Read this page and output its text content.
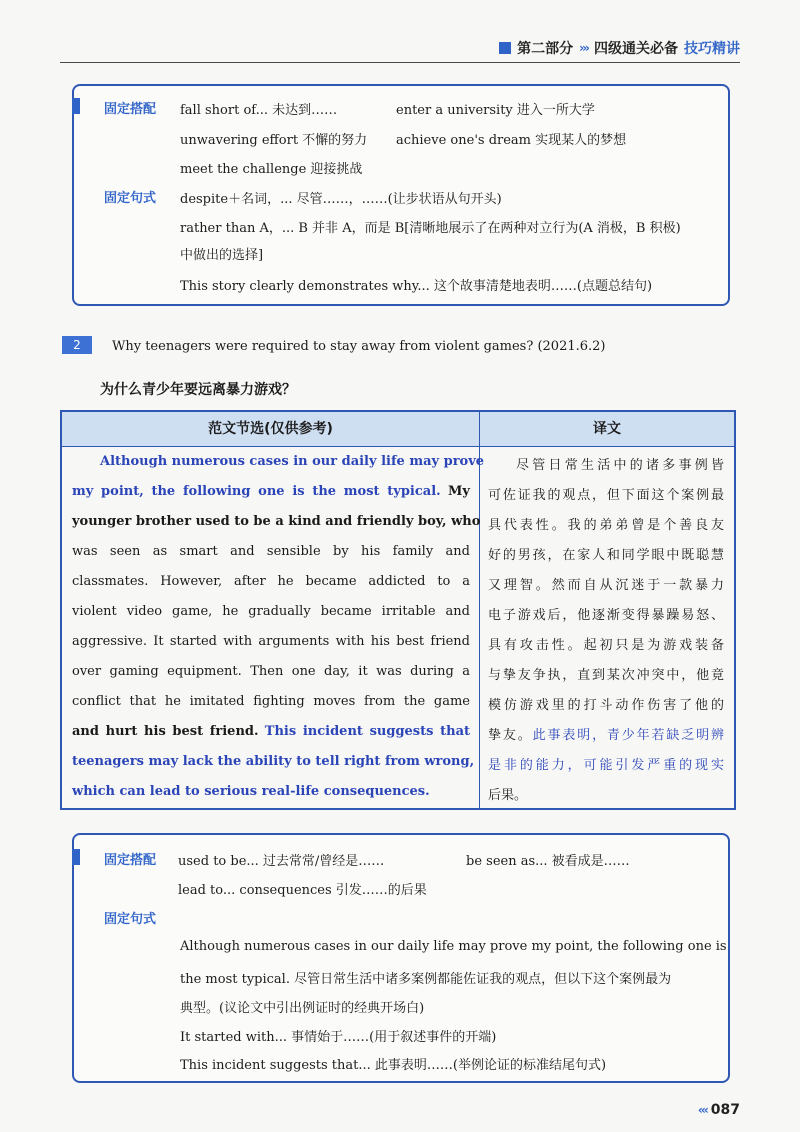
第二部分 ››› 四级通关必备 技巧精讲
固定搭配 fall short of... 未达到……	enter a university 进入一所大学
unwavering effort 不懈的努力 achieve one's dream 实现某人的梦想
meet the challenge 迎接挑战
固定句式 despite＋名词，... 尽管……，……(让步状语从句开头)
rather than A，... B 并非 A，而是 B[清晰地展示了在两种对立行为(A 消极，B 积极)
中做出的选择]
This story clearly demonstrates why... 这个故事清楚地表明……(点题总结句)
2	Why teenagers were required to stay away from violent games? (2021.6.2)
为什么青少年要远离暴力游戏？
范文节选(仅供参考)	译文
Although numerous cases in our daily life may prove
my point, the following one is the most typical. My
younger brother used to be a kind and friendly boy, who
was seen as smart and sensible by his family and
classmates. However, after he became addicted to a
violent video game, he gradually became irritable and
aggressive. It started with arguments with his best friend
over gaming equipment. Then one day, it was during a
conflict that he imitated fighting moves from the game
and hurt his best friend. This incident suggests that
teenagers may lack the ability to tell right from wrong,
which can lead to serious real-life consequences.
尽管日常生活中的诸多事例皆
可佐证我的观点，但下面这个案例最
具代表性。我的弟弟曾是个善良友
好的男孩，在家人和同学眼中既聪慧
又理智。然而自从沉迷于一款暴力
电子游戏后，他逐渐变得暴躁易怒、
具有攻击性。起初只是为游戏装备
与挚友争执，直到某次冲突中，他竟
模仿游戏里的打斗动作伤害了他的
挚友。此事表明，青少年若缺乏明辨
是非的能力，可能引发严重的现实
后果。
固定搭配 used to be... 过去常常/曾经是……	be seen as... 被看成是……
lead to... consequences 引发……的后果
固定句式
Although numerous cases in our daily life may prove my point, the following one is
the most typical. 尽管日常生活中诸多案例都能佐证我的观点，但以下这个案例最为
典型。(议论文中引出例证时的经典开场白)
It started with... 事情始于……(用于叙述事件的开端)
This incident suggests that... 此事表明……(举例论证的标准结尾句式)
‹‹‹ 087
